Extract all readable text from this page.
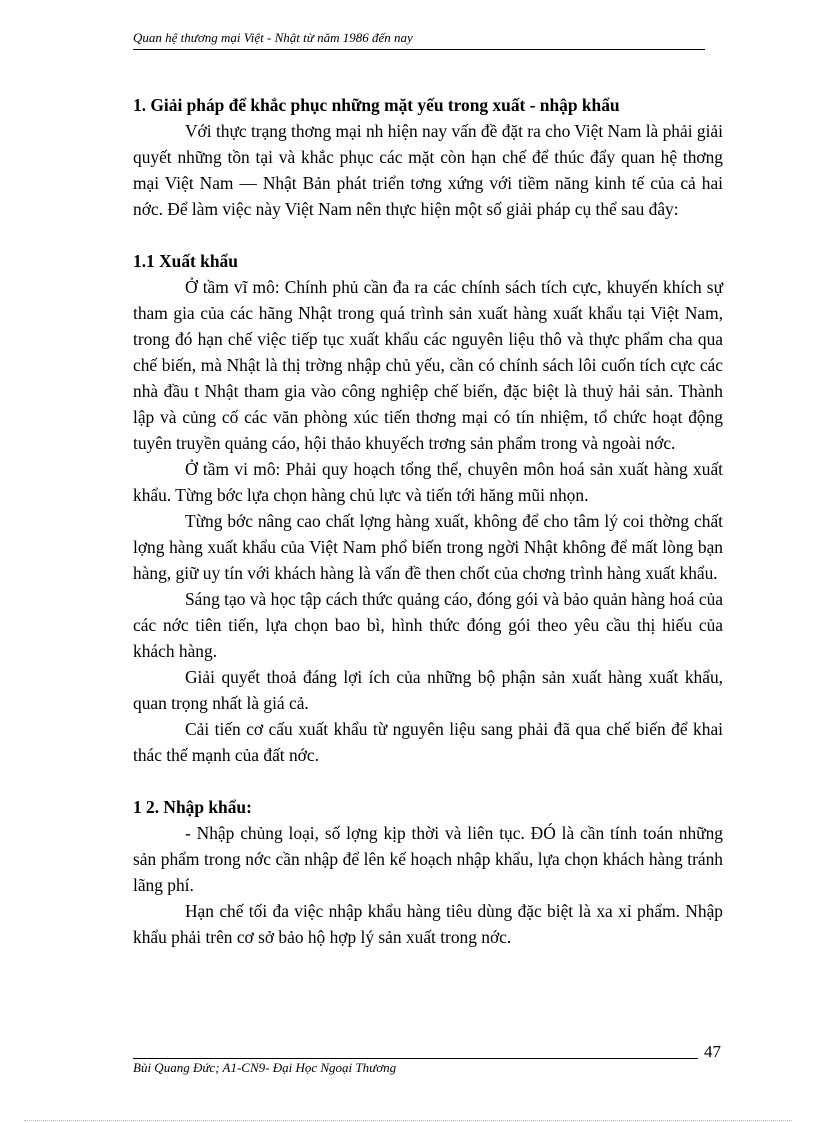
Quan hệ thương mại Việt - Nhật từ năm 1986 đến nay
1. Giải pháp để khắc phục những mặt yếu trong xuất - nhập khẩu

Với thực trạng thơng mại nh hiện nay vấn đề đặt ra cho Việt Nam là phải giải quyết những tồn tại và khắc phục các mặt còn hạn chế để thúc đẩy quan hệ thơng mại Việt Nam — Nhật Bản phát triển tơng xứng với tiềm năng kinh tế của cả hai nớc. Để làm việc này Việt Nam nên thực hiện một số giải pháp cụ thể sau đây:

1.1 Xuất khẩu

Ở tầm vĩ mô: Chính phủ cần đa ra các chính sách tích cực, khuyến khích sự tham gia của các hãng Nhật trong quá trình sản xuất hàng xuất khẩu tại Việt Nam, trong đó hạn chế việc tiếp tục xuất khẩu các nguyên liệu thô và thực phẩm cha qua chế biến, mà Nhật là thị trờng nhập chủ yếu, cần có chính sách lôi cuốn tích cực các nhà đầu t Nhật tham gia vào công nghiệp chế biến, đặc biệt là thuỷ hải sản. Thành lập và củng cố các văn phòng xúc tiến thơng mại có tín nhiệm, tổ chức hoạt động tuyên truyền quảng cáo, hội thảo khuyếch trơng sản phẩm trong và ngoài nớc.

Ở tầm vi mô: Phải quy hoạch tổng thể, chuyên môn hoá sản xuất hàng xuất khẩu. Từng bớc lựa chọn hàng chủ lực và tiến tới hăng mũi nhọn.

Từng bớc nâng cao chất lợng hàng xuất, không để cho tâm lý coi thờng chất lợng hàng xuất khẩu của Việt Nam phổ biến trong ngời Nhật không để mất lòng bạn hàng, giữ uy tín với khách hàng là vấn đề then chốt của chơng trình hàng xuất khẩu.

Sáng tạo và học tập cách thức quảng cáo, đóng gói và bảo quản hàng hoá của các nớc tiên tiến, lựa chọn bao bì, hình thức đóng gói theo yêu cầu thị hiếu của khách hàng.

Giải quyết thoả đáng lợi ích của những bộ phận sản xuất hàng xuất khẩu, quan trọng nhất là giá cả.

Cải tiến cơ cấu xuất khẩu từ nguyên liệu sang phải đã qua chế biến để khai thác thế mạnh của đất nớc.

1 2. Nhập khẩu:

- Nhập chủng loại, số lợng kịp thời và liên tục. ĐÓ là cần tính toán những sản phẩm trong nớc cần nhập để lên kế hoạch nhập khẩu, lựa chọn khách hàng tránh lãng phí.

Hạn chế tối đa việc nhập khẩu hàng tiêu dùng đặc biệt là xa xỉ phẩm. Nhập khẩu phải trên cơ sở bảo hộ hợp lý sản xuất trong nớc.

47
Bùi Quang Đức; A1-CN9- Đại Học Ngoại Thương
